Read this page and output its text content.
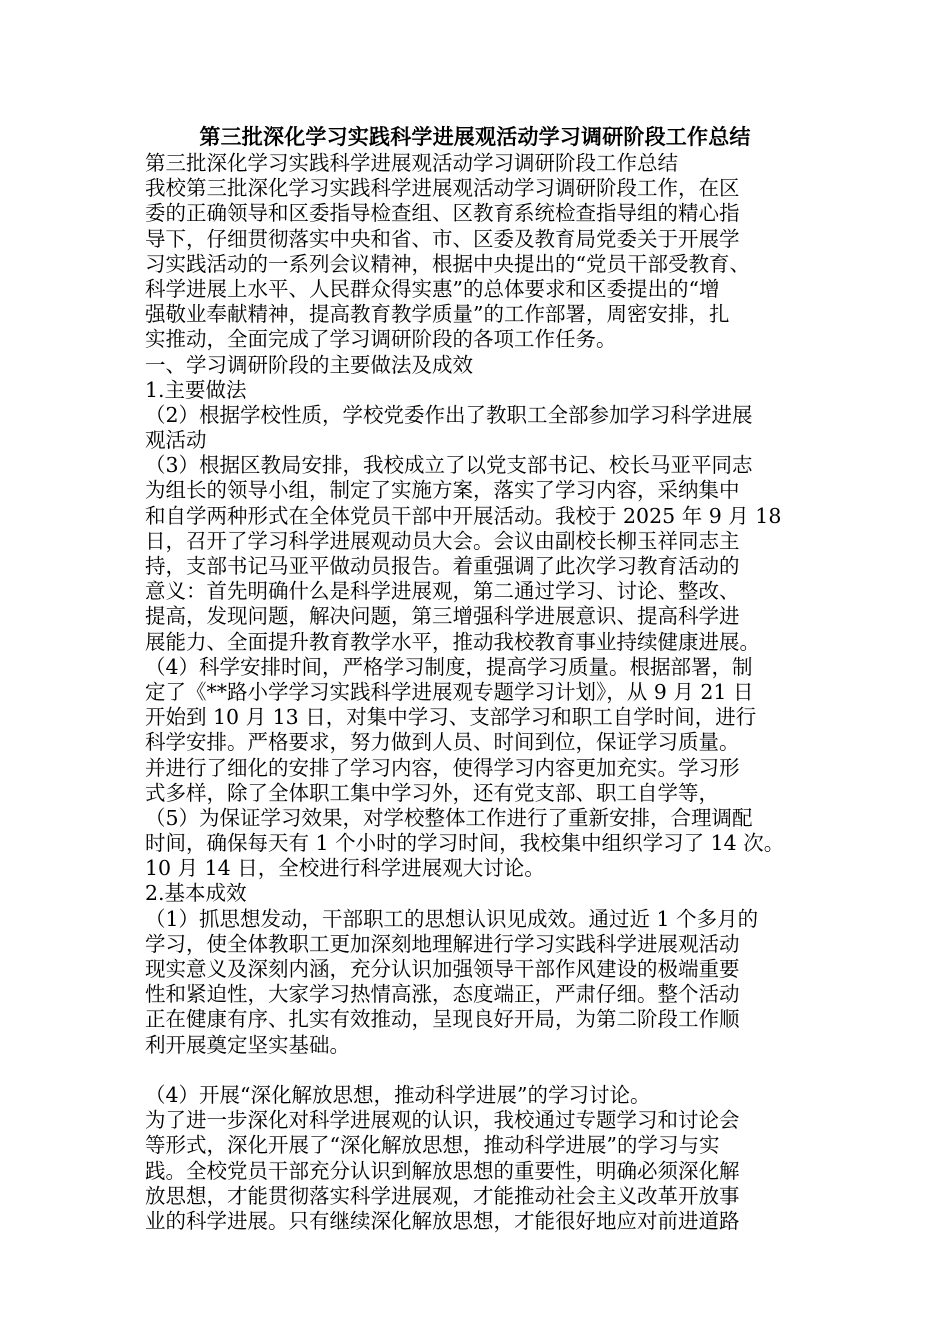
第三批深化学习实践科学进展观活动学习调研阶段工作总结
第三批深化学习实践科学进展观活动学习调研阶段工作总结
我校第三批深化学习实践科学进展观活动学习调研阶段工作，在区
委的正确领导和区委指导检查组、区教育系统检查指导组的精心指
导下，仔细贯彻落实中央和省、市、区委及教育局党委关于开展学
习实践活动的一系列会议精神，根据中央提出的“党员干部受教育、
科学进展上水平、人民群众得实惠”的总体要求和区委提出的“增
强敬业奉献精神，提高教育教学质量”的工作部署，周密安排，扎
实推动，全面完成了学习调研阶段的各项工作任务。
一、学习调研阶段的主要做法及成效
1.主要做法
（2）根据学校性质，学校党委作出了教职工全部参加学习科学进展
观活动
（3）根据区教局安排，我校成立了以党支部书记、校长马亚平同志
为组长的领导小组，制定了实施方案，落实了学习内容，采纳集中
和自学两种形式在全体党员干部中开展活动。我校于 2025 年 9 月 18
日，召开了学习科学进展观动员大会。会议由副校长柳玉祥同志主
持，支部书记马亚平做动员报告。着重强调了此次学习教育活动的
意义：首先明确什么是科学进展观，第二通过学习、讨论、整改、
提高，发现问题，解决问题，第三增强科学进展意识、提高科学进
展能力、全面提升教育教学水平，推动我校教育事业持续健康进展。
（4）科学安排时间，严格学习制度，提高学习质量。根据部署，制
定了《**路小学学习实践科学进展观专题学习计划》，从 9 月 21 日
开始到 10 月 13 日，对集中学习、支部学习和职工自学时间，进行
科学安排。严格要求，努力做到人员、时间到位，保证学习质量。
并进行了细化的安排了学习内容，使得学习内容更加充实。学习形
式多样，除了全体职工集中学习外，还有党支部、职工自学等，
（5）为保证学习效果，对学校整体工作进行了重新安排，合理调配
时间，确保每天有 1 个小时的学习时间，我校集中组织学习了 14 次。
10 月 14 日，全校进行科学进展观大讨论。
2.基本成效
（1）抓思想发动，干部职工的思想认识见成效。通过近 1 个多月的
学习，使全体教职工更加深刻地理解进行学习实践科学进展观活动
现实意义及深刻内涵，充分认识加强领导干部作风建设的极端重要
性和紧迫性，大家学习热情高涨，态度端正，严肃仔细。整个活动
正在健康有序、扎实有效推动，呈现良好开局，为第二阶段工作顺
利开展奠定坚实基础。
（4）开展“深化解放思想，推动科学进展”的学习讨论。
为了进一步深化对科学进展观的认识，我校通过专题学习和讨论会
等形式，深化开展了“深化解放思想，推动科学进展”的学习与实
践。全校党员干部充分认识到解放思想的重要性，明确必须深化解
放思想，才能贯彻落实科学进展观，才能推动社会主义改革开放事
业的科学进展。只有继续深化解放思想，才能很好地应对前进道路
